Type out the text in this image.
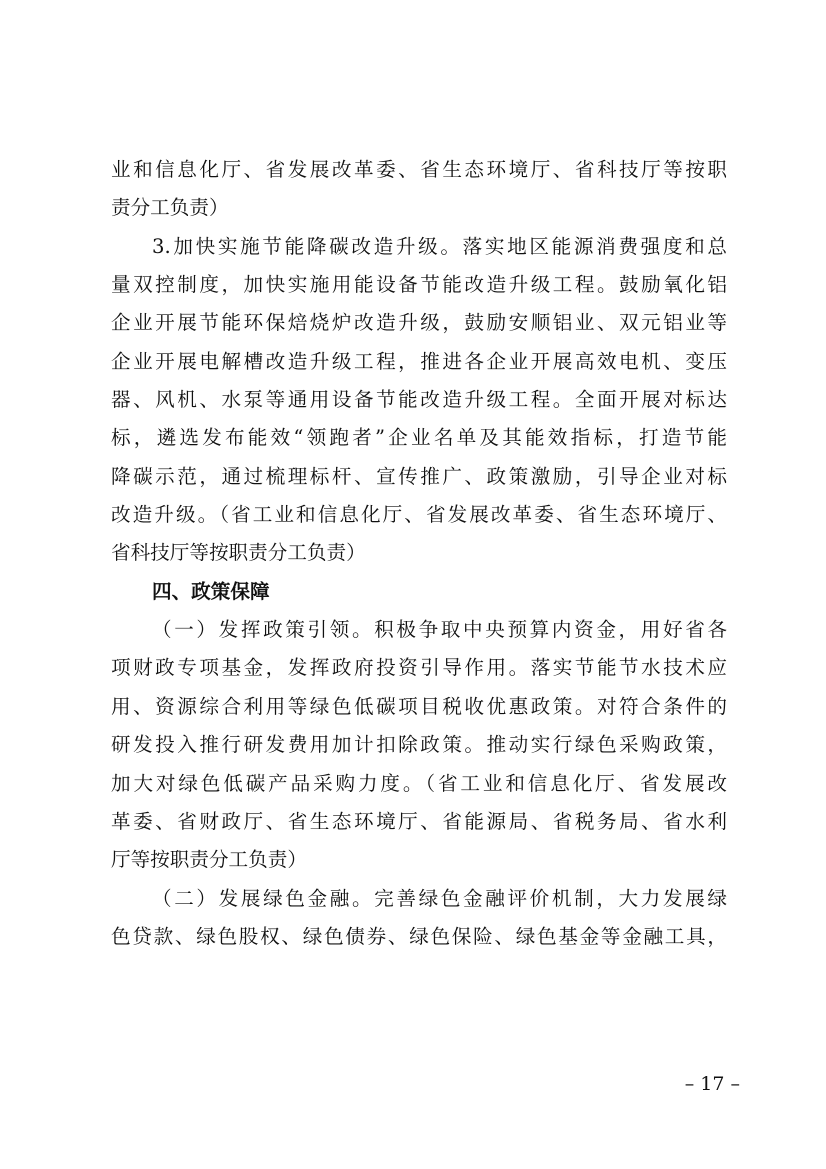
业和信息化厅、省发展改革委、省生态环境厅、省科技厅等按职
责分工负责）
3.加快实施节能降碳改造升级。落实地区能源消费强度和总
量双控制度，加快实施用能设备节能改造升级工程。鼓励氧化铝
企业开展节能环保焙烧炉改造升级，鼓励安顺铝业、双元铝业等
企业开展电解槽改造升级工程，推进各企业开展高效电机、变压
器、风机、水泵等通用设备节能改造升级工程。全面开展对标达
标，遴选发布能效“领跑者”企业名单及其能效指标，打造节能
降碳示范，通过梳理标杆、宣传推广、政策激励，引导企业对标
改造升级。（省工业和信息化厅、省发展改革委、省生态环境厅、
省科技厅等按职责分工负责）
四、政策保障
（一）发挥政策引领。积极争取中央预算内资金，用好省各
项财政专项基金，发挥政府投资引导作用。落实节能节水技术应
用、资源综合利用等绿色低碳项目税收优惠政策。对符合条件的
研发投入推行研发费用加计扣除政策。推动实行绿色采购政策，
加大对绿色低碳产品采购力度。（省工业和信息化厅、省发展改
革委、省财政厅、省生态环境厅、省能源局、省税务局、省水利
厅等按职责分工负责）
（二）发展绿色金融。完善绿色金融评价机制，大力发展绿
色贷款、绿色股权、绿色债券、绿色保险、绿色基金等金融工具，
– 17 –
